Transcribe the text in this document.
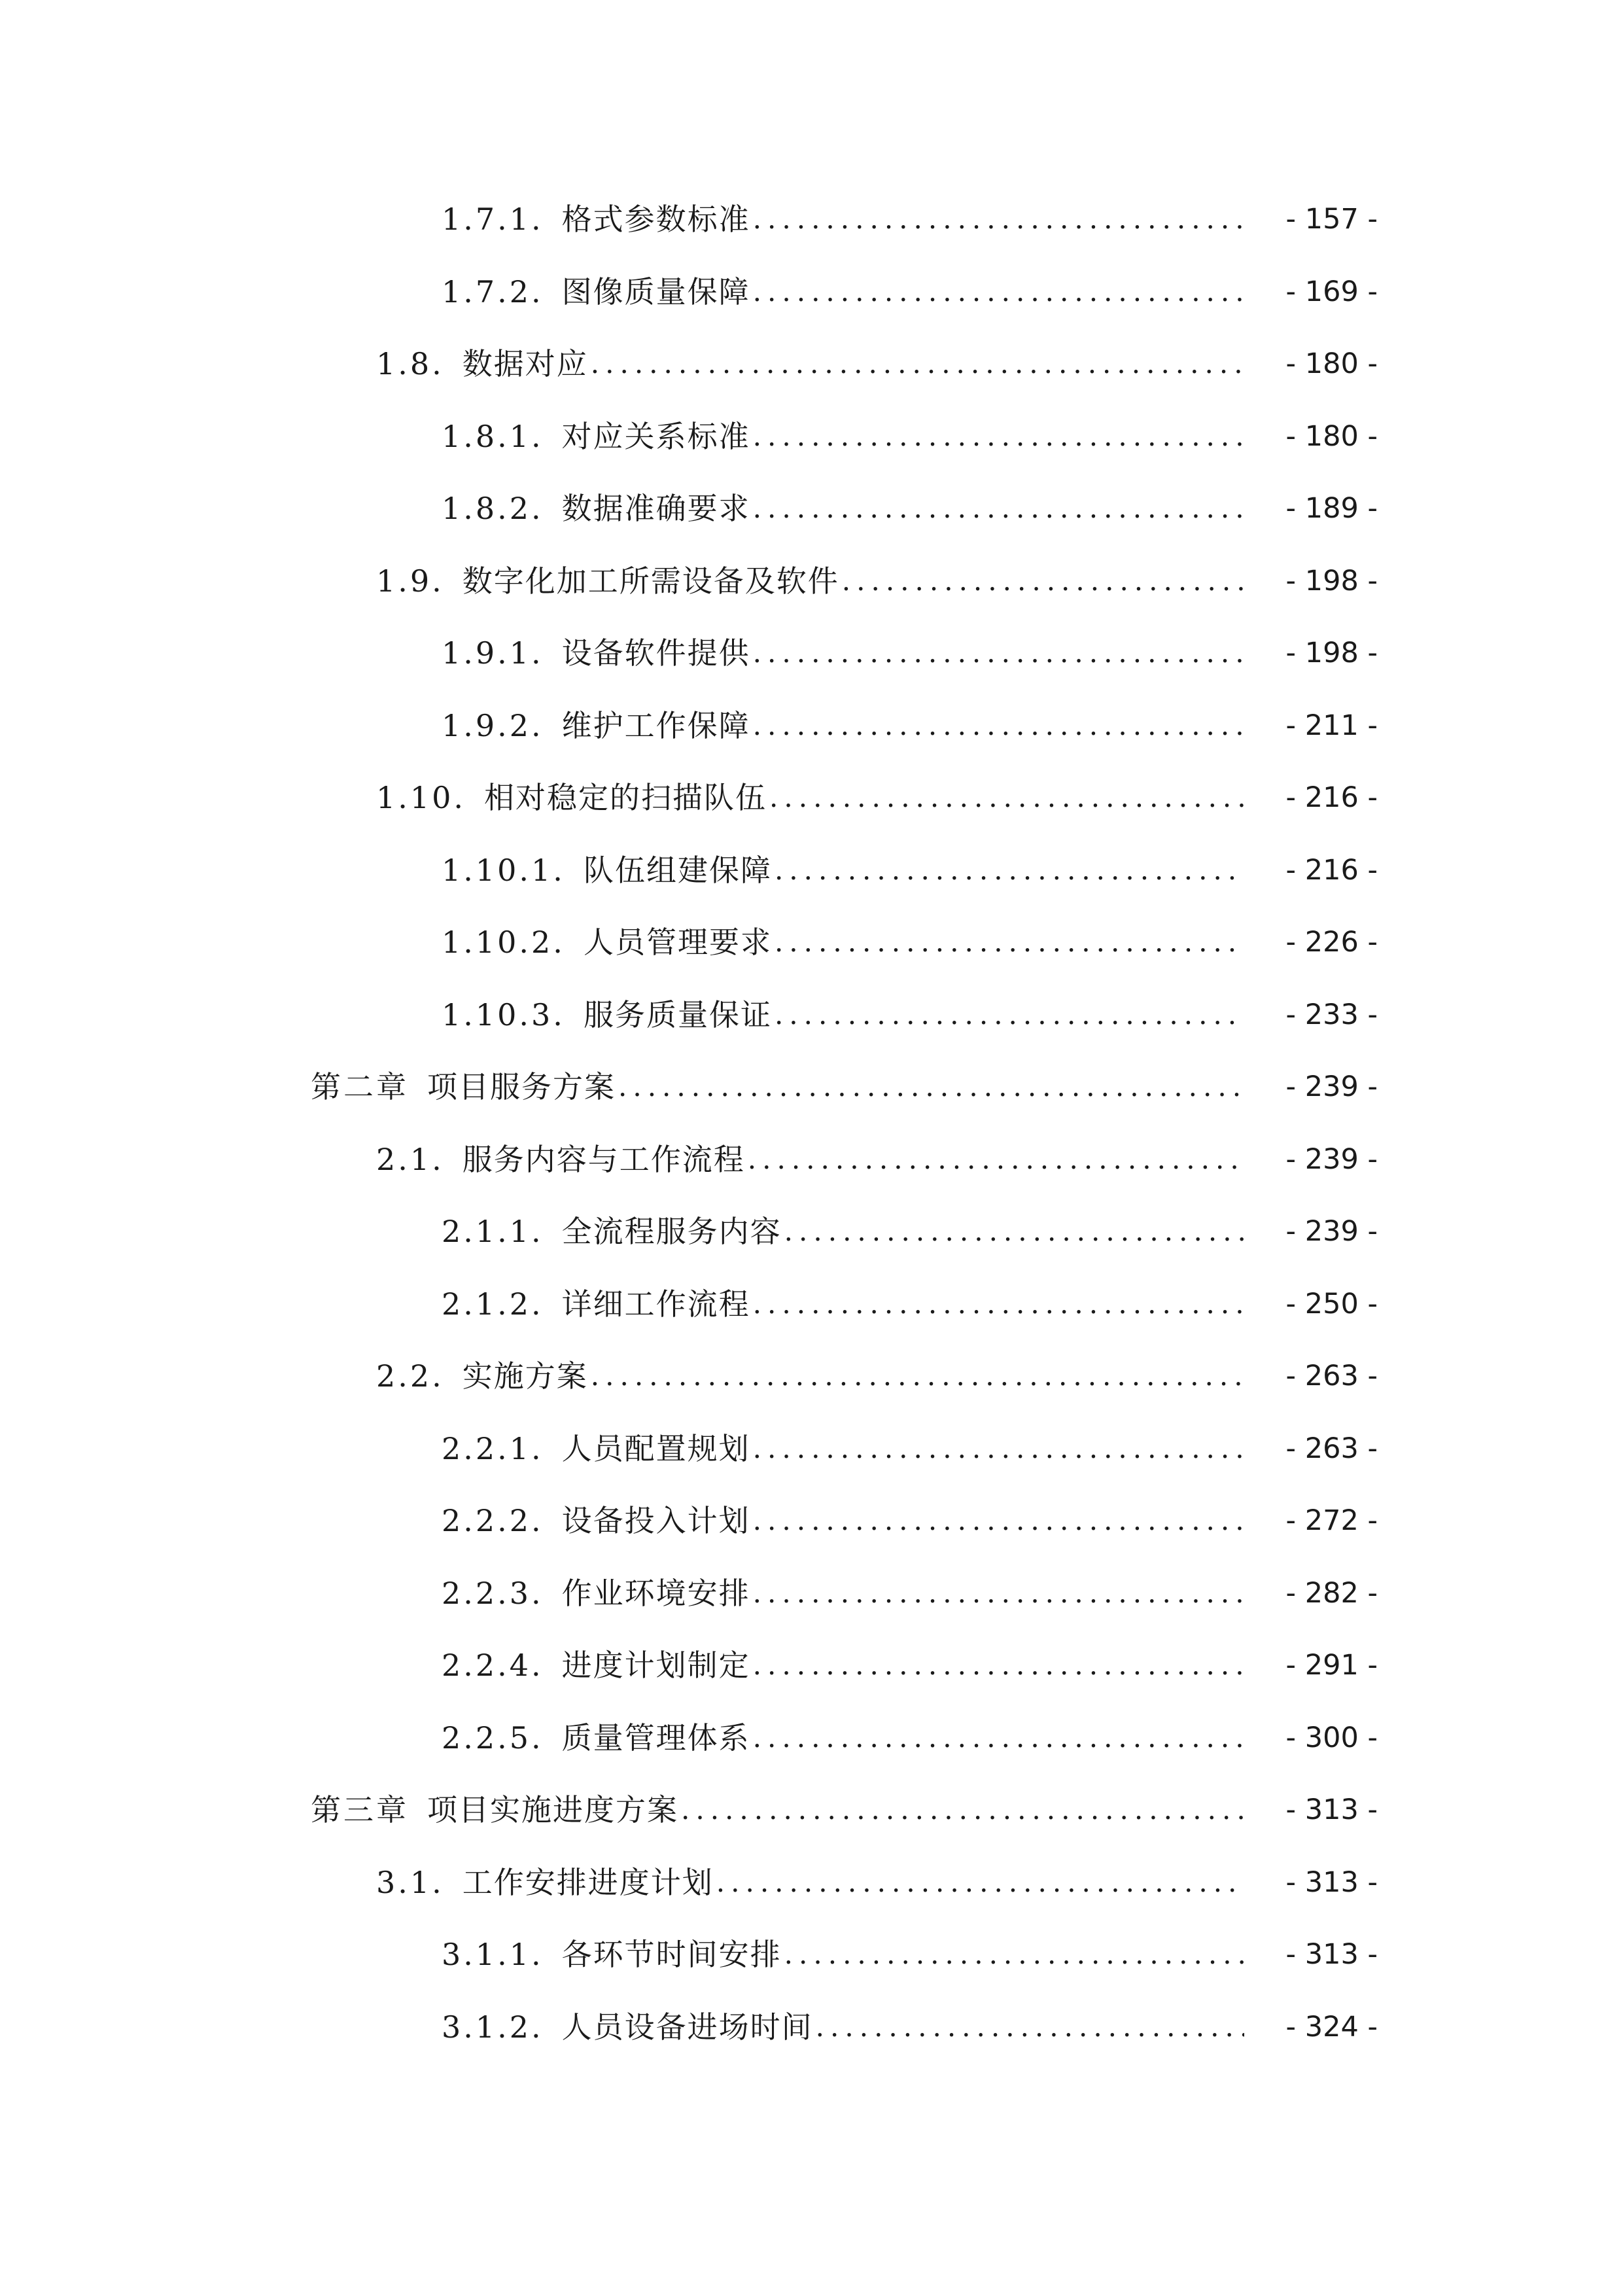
1.7.1. 格式参数标准 .....	- 157 -
1.7.2. 图像质量保障 .....	- 169 -
1.8. 数据对应 .....	- 180 -
1.8.1. 对应关系标准 .....	- 180 -
1.8.2. 数据准确要求 .....	- 189 -
1.9. 数字化加工所需设备及软件 .....	- 198 -
1.9.1. 设备软件提供 .....	- 198 -
1.9.2. 维护工作保障 .....	- 211 -
1.10. 相对稳定的扫描队伍 .....	- 216 -
1.10.1. 队伍组建保障 .....	- 216 -
1.10.2. 人员管理要求 .....	- 226 -
1.10.3. 服务质量保证 .....	- 233 -
第二章 项目服务方案 .....	- 239 -
2.1. 服务内容与工作流程 .....	- 239 -
2.1.1. 全流程服务内容 .....	- 239 -
2.1.2. 详细工作流程 .....	- 250 -
2.2. 实施方案 .....	- 263 -
2.2.1. 人员配置规划 .....	- 263 -
2.2.2. 设备投入计划 .....	- 272 -
2.2.3. 作业环境安排 .....	- 282 -
2.2.4. 进度计划制定 .....	- 291 -
2.2.5. 质量管理体系 .....	- 300 -
第三章 项目实施进度方案 .....	- 313 -
3.1. 工作安排进度计划 .....	- 313 -
3.1.1. 各环节时间安排 .....	- 313 -
3.1.2. 人员设备进场时间 .....	- 324 -
